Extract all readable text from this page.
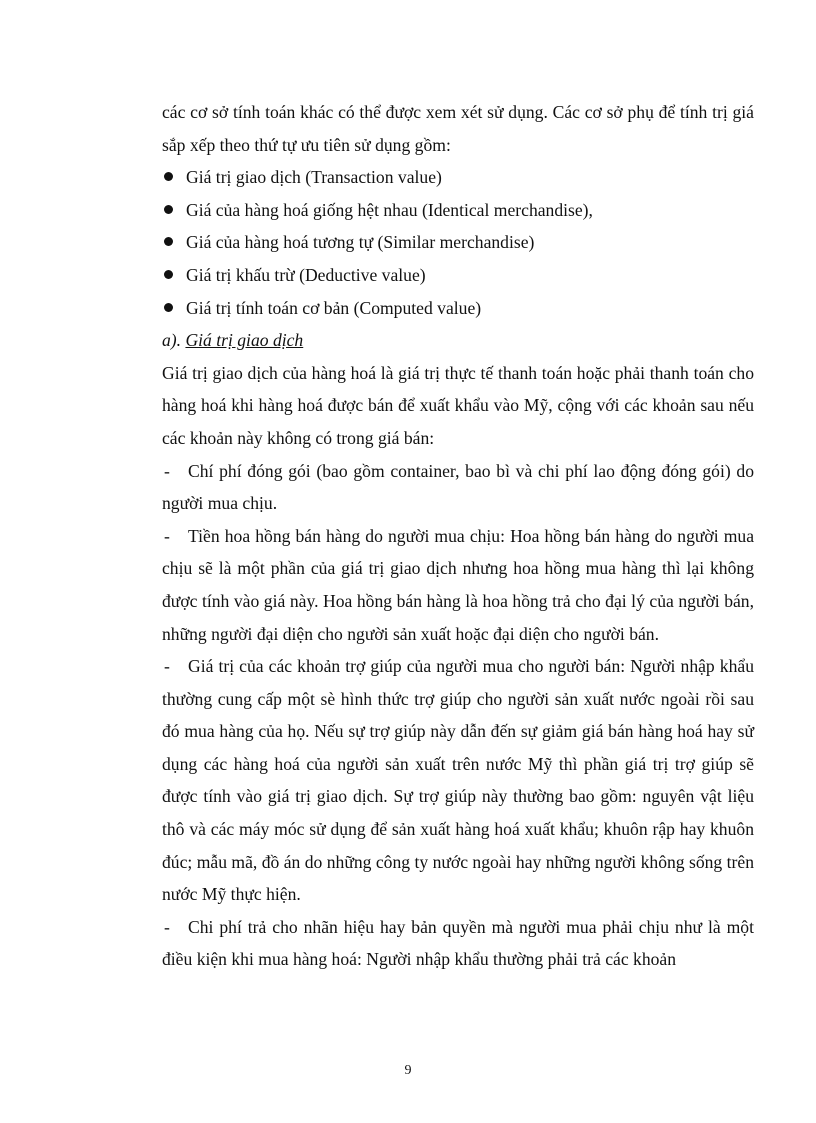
các cơ sở tính toán khác có thể được xem xét sử dụng. Các cơ sở phụ để tính trị giá sắp xếp theo thứ tự ưu tiên sử dụng gồm:

Giá trị giao dịch (Transaction value)
Giá của hàng hoá giống hệt nhau (Identical merchandise),
Giá của hàng hoá tương tự (Similar merchandise)
Giá trị khấu trừ (Deductive value)
Giá trị tính toán cơ bản (Computed value)

a). Giá trị giao dịch

Giá trị giao dịch của hàng hoá là giá trị thực tế thanh toán hoặc phải thanh toán cho hàng hoá khi hàng hoá được bán để xuất khẩu vào Mỹ, cộng với các khoản sau nếu các khoản này không có trong giá bán:

- Chí phí đóng gói (bao gồm container, bao bì và chi phí lao động đóng gói) do người mua chịu.

- Tiền hoa hồng bán hàng do người mua chịu: Hoa hồng bán hàng do người mua chịu sẽ là một phần của giá trị giao dịch nhưng hoa hồng mua hàng thì lại không được tính vào giá này. Hoa hồng bán hàng là hoa hồng trả cho đại lý của người bán, những người đại diện cho người sản xuất hoặc đại diện cho người bán.

- Giá trị của các khoản trợ giúp của người mua cho người bán: Người nhập khẩu thường cung cấp một sè hình thức trợ giúp cho người sản xuất nước ngoài rồi sau đó mua hàng của họ. Nếu sự trợ giúp này dẫn đến sự giảm giá bán hàng hoá hay sử dụng các hàng hoá của người sản xuất trên nước Mỹ thì phần giá trị trợ giúp sẽ được tính vào giá trị giao dịch. Sự trợ giúp này thường bao gồm: nguyên vật liệu thô và các máy móc sử dụng để sản xuất hàng hoá xuất khẩu; khuôn rập hay khuôn đúc; mẫu mã, đồ án do những công ty nước ngoài hay những người không sống trên nước Mỹ thực hiện.

- Chi phí trả cho nhãn hiệu hay bản quyền mà người mua phải chịu như là một điều kiện khi mua hàng hoá: Người nhập khẩu thường phải trả các khoản

9
